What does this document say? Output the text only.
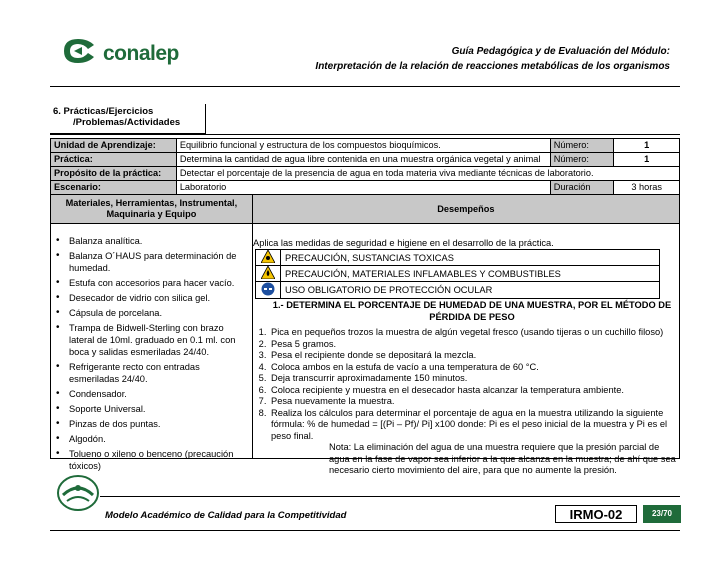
conalep	Guía Pedagógica y de Evaluación del Módulo:
Interpretación de la relación de reacciones metabólicas de los organismos
6. Prácticas/Ejercicios
/Problemas/Actividades
Unidad de Aprendizaje:	Equilibrio funcional y estructura de los compuestos bioquímicos.		Número:	1
Práctica:	Determina la cantidad de agua libre contenida en una muestra orgánica vegetal y animal		Número:	1
Propósito de la práctica:	Detectar el porcentaje de la presencia de agua en toda materia viva mediante técnicas de laboratorio.			
Escenario:	Laboratorio		Duración	3 horas
Materiales, Herramientas, Instrumental, Maquinaria y Equipo		Desempeños		

• Balanza analítica.
• Balanza O´HAUS para determinación de humedad.
• Estufa con accesorios para hacer vacío.
• Desecador de vidrio con silica gel.
• Cápsula de porcelana.
• Trampa de Bidwell-Sterling con brazo lateral de 10ml. graduado en 0.1 ml. con boca y salidas esmeriladas 24/40.
• Refrigerante recto con entradas esmeriladas 24/40.
• Condensador.
• Soporte Universal.
• Pinzas de dos puntas.
• Algodón.
• Tolueno o xileno o benceno (precaución tóxicos)
Aplica las medidas de seguridad e higiene en el desarrollo de la práctica.
	PRECAUCIÓN, SUSTANCIAS TOXICAS
	PRECAUCIÓN, MATERIALES INFLAMABLES Y COMBUSTIBLES
	USO OBLIGATORIO DE PROTECCIÓN OCULAR
1.- DETERMINA EL PORCENTAJE DE HUMEDAD DE UNA MUESTRA, POR EL MÉTODO DE PÉRDIDA DE PESO
1. Pica en pequeños trozos la muestra de algún vegetal fresco (usando tijeras o un cuchillo filoso)
2. Pesa 5 gramos.
3. Pesa el recipiente donde se depositará la mezcla.
4. Coloca ambos en la estufa de vacío a una temperatura de 60 °C.
5. Deja transcurrir aproximadamente 150 minutos.
6. Coloca recipiente y muestra en el desecador hasta alcanzar la temperatura ambiente.
7. Pesa nuevamente la muestra.
8. Realiza los cálculos para determinar el porcentaje de agua en la muestra utilizando la siguiente fórmula: % de humedad = [(Pi – Pf)/ Pi] x100 donde: Pi es el peso inicial de la muestra y Pi es el peso final.
Nota: La eliminación del agua de una muestra requiere que la presión parcial de agua en la fase de vapor sea inferior a la que alcanza en la muestra; de ahí que sea necesario cierto movimiento del aire, para que no aumente la presión.
Modelo Académico de Calidad para la Competitividad	IRMO-02	23/70
